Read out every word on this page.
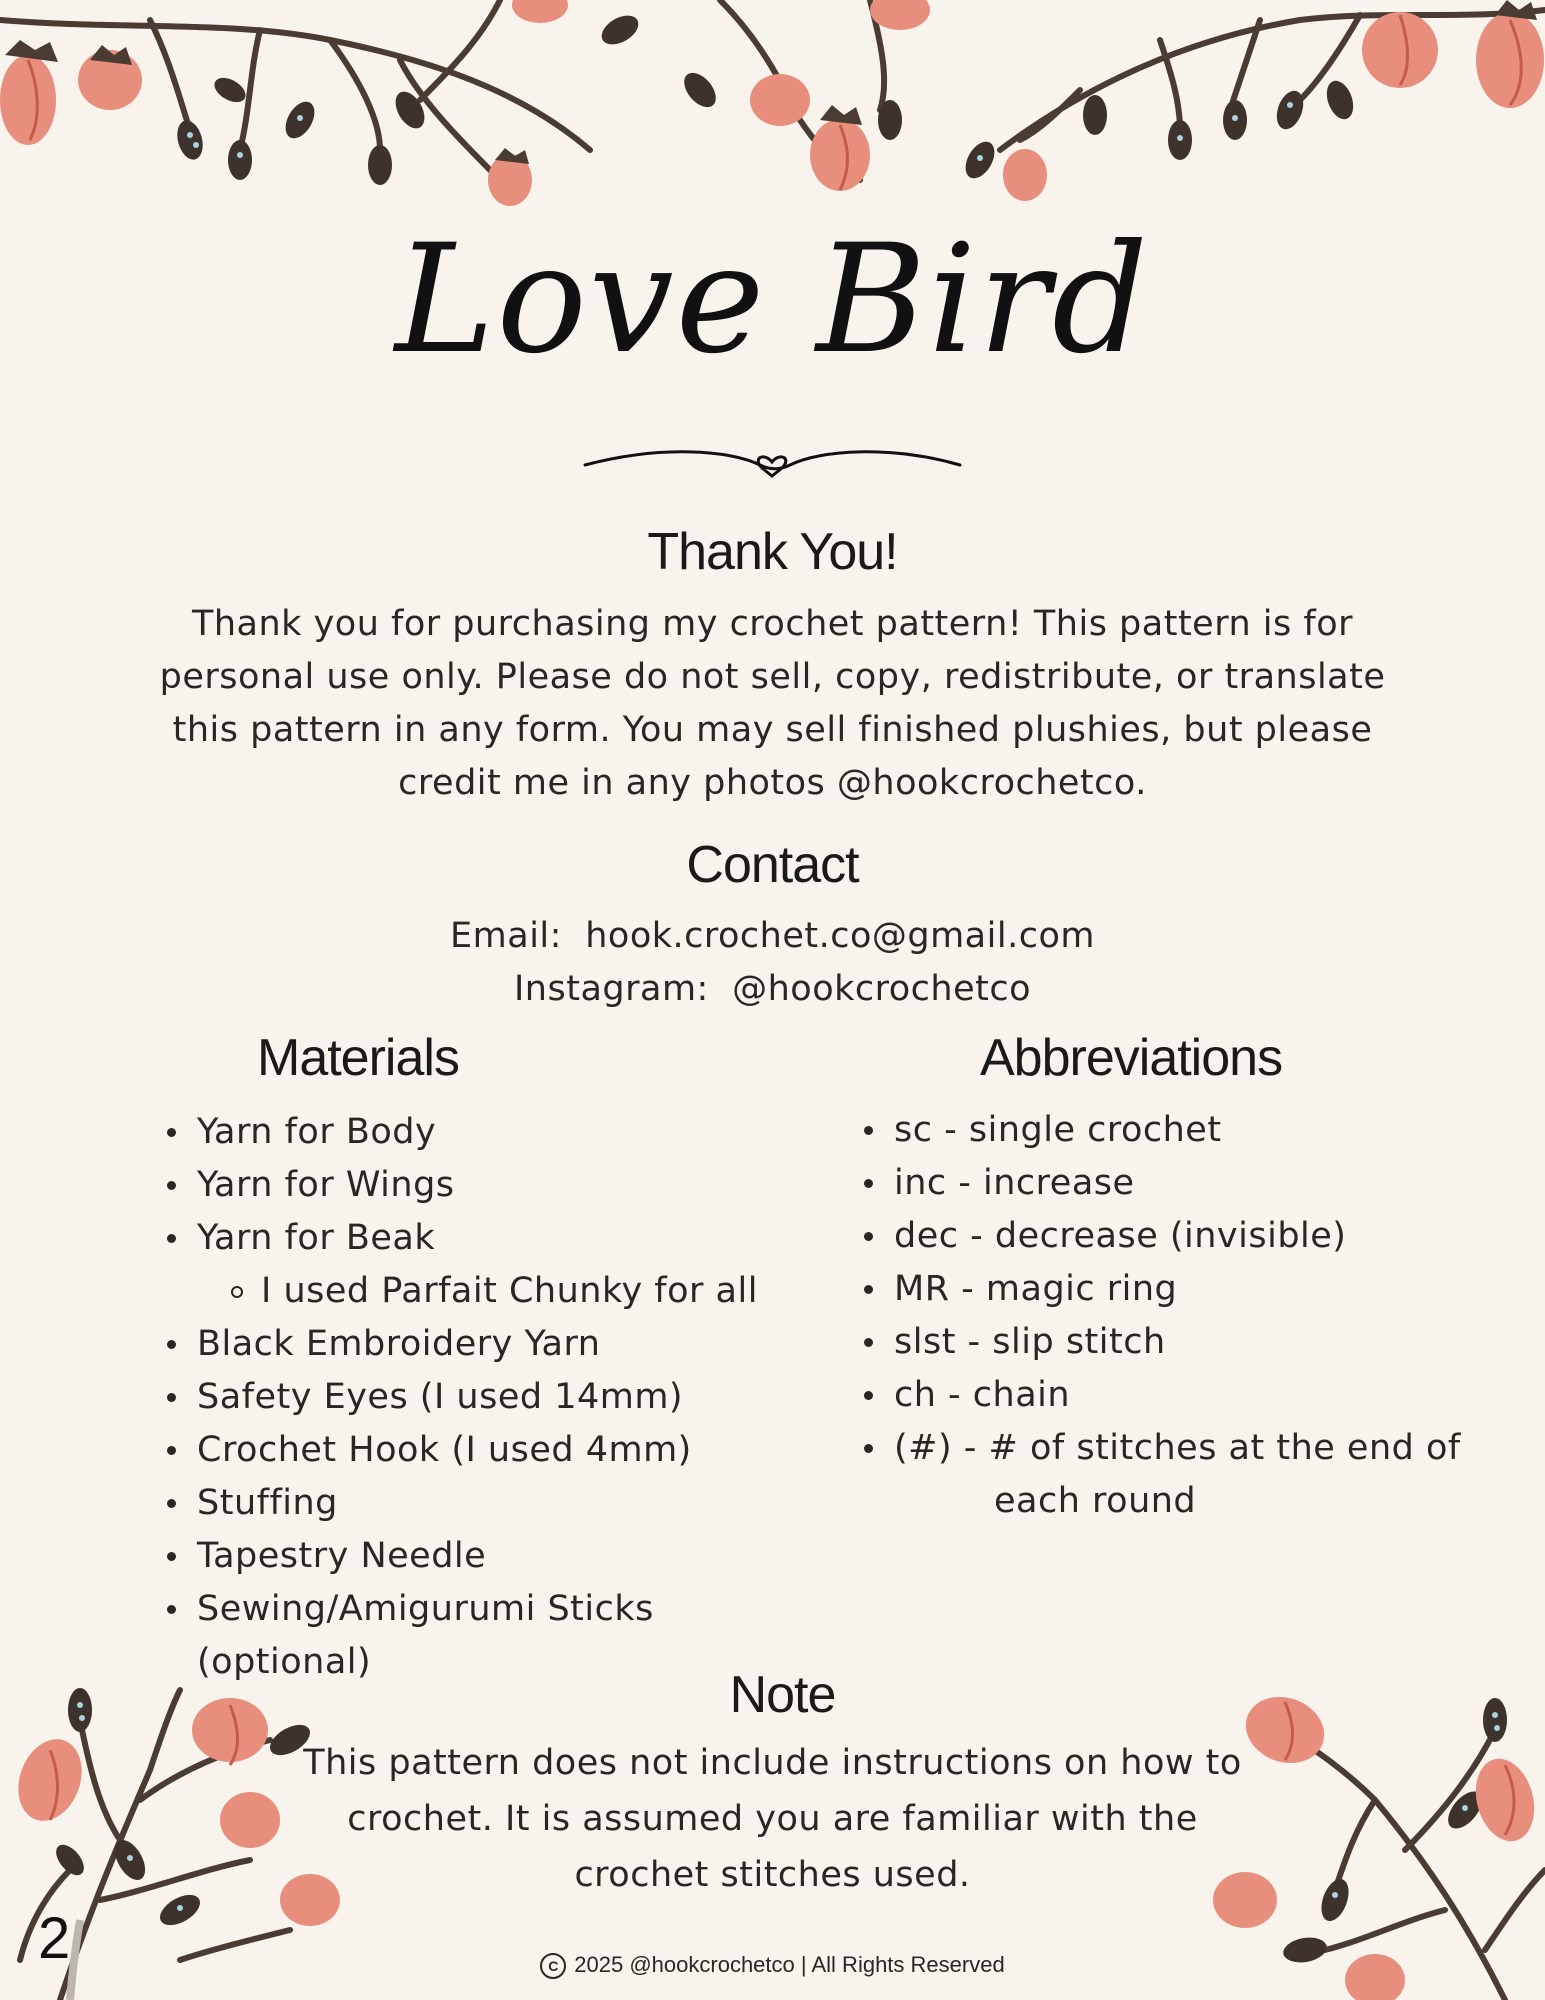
Love Bird
Thank You!
Thank you for purchasing my crochet pattern! This pattern is for
personal use only. Please do not sell, copy, redistribute, or translate
this pattern in any form. You may sell finished plushies, but please
credit me in any photos @hookcrochetco.
Contact
Email: hook.crochet.co@gmail.com
Instagram: @hookcrochetco
Materials
Yarn for Body
Yarn for Wings
Yarn for Beak
I used Parfait Chunky for all
Black Embroidery Yarn
Safety Eyes (I used 14mm)
Crochet Hook (I used 4mm)
Stuffing
Tapestry Needle
Sewing/Amigurumi Sticks (optional)
Abbreviations
sc - single crochet
inc - increase
dec - decrease (invisible)
MR - magic ring
slst - slip stitch
ch - chain
(#) - # of stitches at the end of
each round
Note
This pattern does not include instructions on how to
crochet. It is assumed you are familiar with the
crochet stitches used.
C 2025 @hookcrochetco | All Rights Reserved
2
